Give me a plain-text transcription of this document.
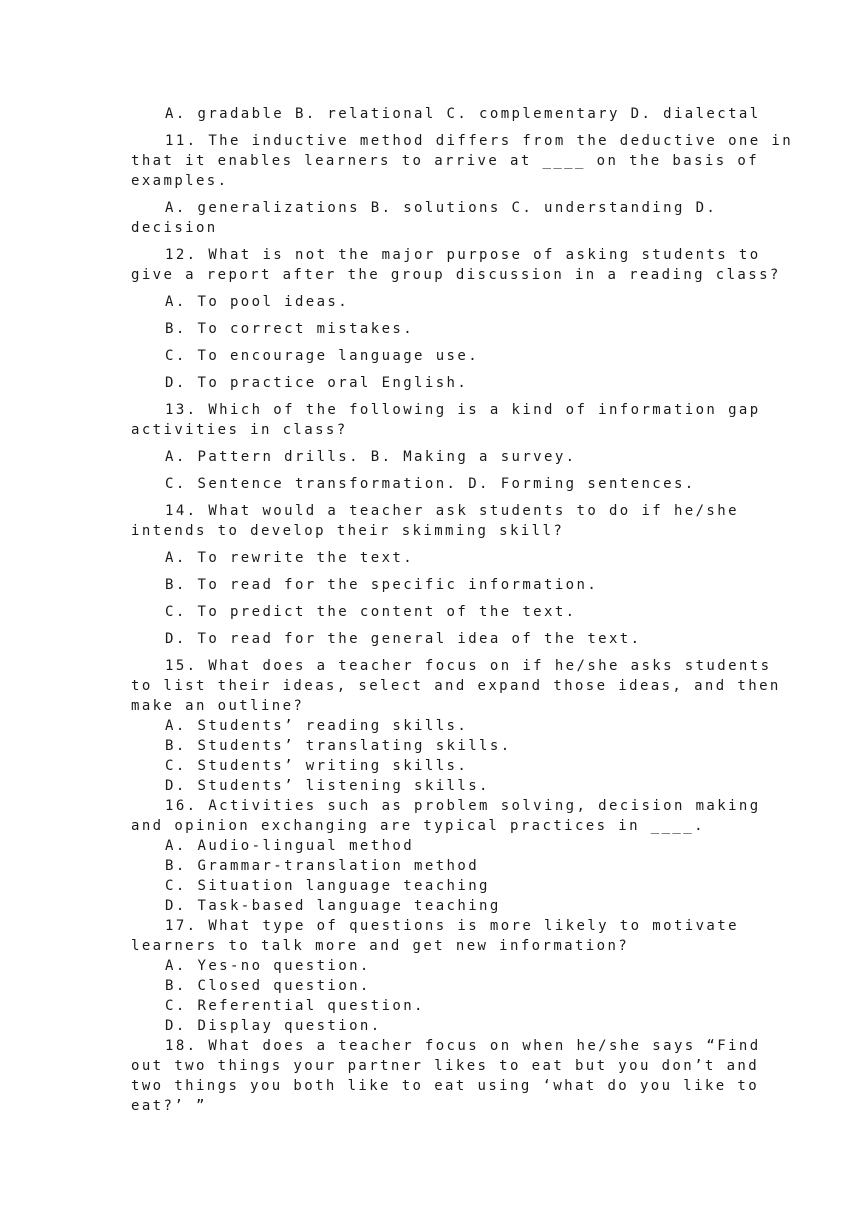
A. gradable B. relational C. complementary D. dialectal
11. The inductive method differs from the deductive one in
that it enables learners to arrive at ____ on the basis of
examples.
A. generalizations B. solutions C. understanding D.
decision
12. What is not the major purpose of asking students to
give a report after the group discussion in a reading class?
A. To pool ideas.
B. To correct mistakes.
C. To encourage language use.
D. To practice oral English.
13. Which of the following is a kind of information gap
activities in class?
A. Pattern drills. B. Making a survey.
C. Sentence transformation. D. Forming sentences.
14. What would a teacher ask students to do if he/she
intends to develop their skimming skill?
A. To rewrite the text.
B. To read for the specific information.
C. To predict the content of the text.
D. To read for the general idea of the text.
15. What does a teacher focus on if he/she asks students
to list their ideas, select and expand those ideas, and then
make an outline?
A. Students’ reading skills.
B. Students’ translating skills.
C. Students’ writing skills.
D. Students’ listening skills.
16. Activities such as problem solving, decision making
and opinion exchanging are typical practices in ____.
A. Audio-lingual method
B. Grammar-translation method
C. Situation language teaching
D. Task-based language teaching
17. What type of questions is more likely to motivate
learners to talk more and get new information?
A. Yes-no question.
B. Closed question.
C. Referential question.
D. Display question.
18. What does a teacher focus on when he/she says “Find
out two things your partner likes to eat but you don’t and
two things you both like to eat using ‘what do you like to
eat?’ ”
